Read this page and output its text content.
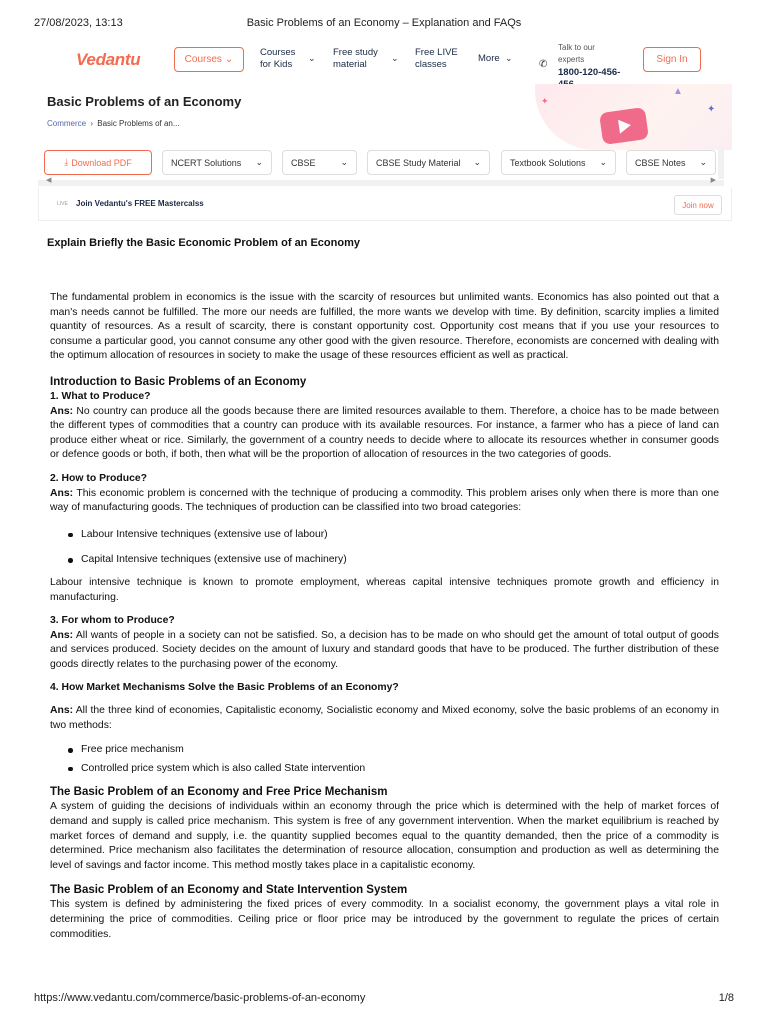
27/08/2023, 13:13	Basic Problems of an Economy – Explanation and FAQs
Vedantu	Courses ⌄
Courses
for Kids
⌄ Free study
material
⌄ Free LIVE
classes
More ⌄
✆
Talk to our
experts
1800-120-456-
Sign In
✦
▲
✦
Basic Problems of an Economy
Commerce › Basic Problems of an...
⤓ Download PDF	NCERT Solutions ⌄	CBSE	⌄	CBSE Study Material ⌄	Textbook Solutions ⌄	CBSE Notes ⌄
◀	▶
LIVE Join Vedantu's FREE Mastercalss	Join now
Explain Briefly the Basic Economic Problem of an Economy

The fundamental problem in economics is the issue with the scarcity of resources but unlimited wants. Economics has also pointed out that a man's needs cannot be fulfilled. The more our needs are fulfilled, the more wants we develop with time. By definition, scarcity implies a limited quantity of resources. As a result of scarcity, there is constant opportunity cost. Opportunity cost means that if you use your resources to consume a particular good, you cannot consume any other good with the given resource. Therefore, economists are concerned with dealing with the optimum allocation of resources in society to make the usage of these resources efficient as well as practical.

Introduction to Basic Problems of an Economy
1. What to Produce?

Ans: No country can produce all the goods because there are limited resources available to them. Therefore, a choice has to be made between the different types of commodities that a country can produce with its available resources. For instance, a farmer who has a piece of land can produce either wheat or rice. Similarly, the government of a country needs to decide where to allocate its resources whether in consumer goods or defence goods or both, if both, then what will be the proportion of allocation of resources in the two categories of goods.

2. How to Produce?

Ans: This economic problem is concerned with the technique of producing a commodity. This problem arises only when there is more than one way of manufacturing goods. The techniques of production can be classified into two broad categories:

Labour Intensive techniques (extensive use of labour)
Capital Intensive techniques (extensive use of machinery)

Labour intensive technique is known to promote employment, whereas capital intensive techniques promote growth and efficiency in manufacturing.

3. For whom to Produce?

Ans: All wants of people in a society can not be satisfied. So, a decision has to be made on who should get the amount of total output of goods and services produced. Society decides on the amount of luxury and standard goods that have to be produced. The further distribution of these goods directly relates to the purchasing power of the economy.

4. How Market Mechanisms Solve the Basic Problems of an Economy?

Ans: All the three kind of economies, Capitalistic economy, Socialistic economy and Mixed economy, solve the basic problems of an economy in two methods:

Free price mechanism
Controlled price system which is also called State intervention
The Basic Problem of an Economy and Free Price Mechanism

A system of guiding the decisions of individuals within an economy through the price which is determined with the help of market forces of demand and supply is called price mechanism. This system is free of any government intervention. When the market equilibrium is reached by market forces of demand and supply, i.e. the quantity supplied becomes equal to the quantity demanded, then the price of a commodity is determined. Price mechanism also facilitates the determination of resource allocation, consumption and production as well as determining the level of savings and factor income. This method mostly takes place in a capitalistic economy.

The Basic Problem of an Economy and State Intervention System

This system is defined by administering the fixed prices of every commodity. In a socialist economy, the government plays a vital role in determining the price of commodities. Ceiling price or floor price may be introduced by the government to regulate the prices of certain commodities.

https://www.vedantu.com/commerce/basic-problems-of-an-economy	1/8
